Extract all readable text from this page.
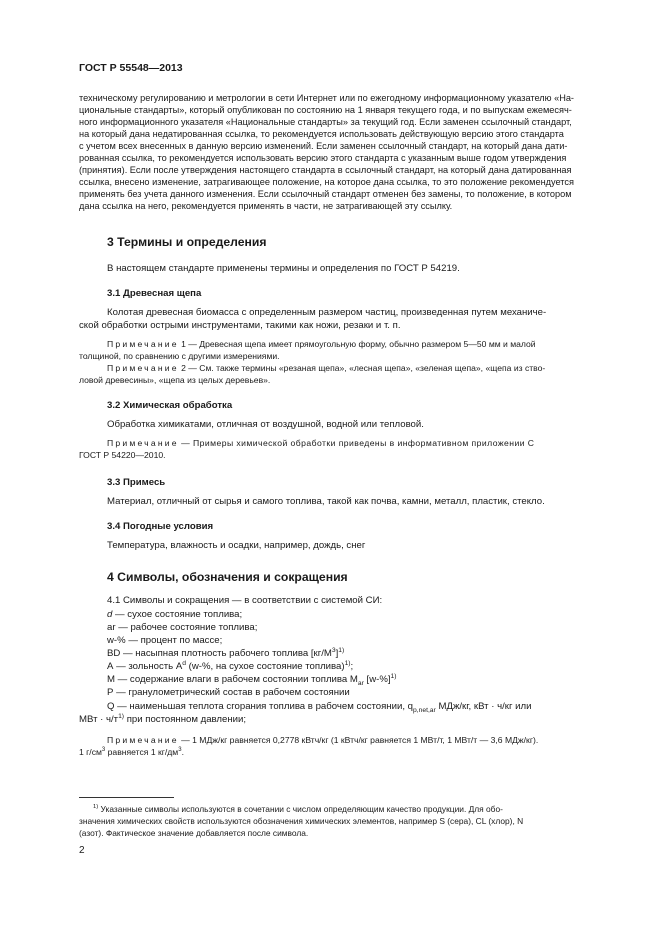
ГОСТ Р 55548—2013
техническому регулированию и метрологии в сети Интернет или по ежегодному информационному указателю «На-
циональные стандарты», который опубликован по состоянию на 1 января текущего года, и по выпускам ежемесяч-
ного информационного указателя «Национальные стандарты» за текущий год. Если заменен ссылочный стандарт,
на который дана недатированная ссылка, то рекомендуется использовать действующую версию этого стандарта
с учетом всех внесенных в данную версию изменений. Если заменен ссылочный стандарт, на который дана дати-
рованная ссылка, то рекомендуется использовать версию этого стандарта с указанным выше годом утверждения
(принятия). Если после утверждения настоящего стандарта в ссылочный стандарт, на который дана датированная
ссылка, внесено изменение, затрагивающее положение, на которое дана ссылка, то это положение рекомендуется
применять без учета данного изменения. Если ссылочный стандарт отменен без замены, то положение, в котором
дана ссылка на него, рекомендуется применять в части, не затрагивающей эту ссылку.
3 Термины и определения
В настоящем стандарте применены термины и определения по ГОСТ Р 54219.
3.1 Древесная щепа
Колотая древесная биомасса с определенным размером частиц, произведенная путем механиче-
ской обработки острыми инструментами, такими как ножи, резаки и т. п.
Примечание 1 — Древесная щепа имеет прямоугольную форму, обычно размером 5—50 мм и малой
толщиной, по сравнению с другими измерениями.
Примечание 2 — См. также термины «резаная щепа», «лесная щепа», «зеленая щепа», «щепа из ство-
ловой древесины», «щепа из целых деревьев».
3.2 Химическая обработка
Обработка химикатами, отличная от воздушной, водной или тепловой.
Примечание — Примеры химической обработки приведены в информативном приложении С
ГОСТ Р 54220—2010.
3.3 Примесь
Материал, отличный от сырья и самого топлива, такой как почва, камни, металл, пластик, стекло.
3.4 Погодные условия
Температура, влажность и осадки, например, дождь, снег
4 Символы, обозначения и сокращения
4.1 Символы и сокращения — в соответствии с системой СИ:
d — сухое состояние топлива;
ar — рабочее состояние топлива;
w-% — процент по массе;
BD — насыпная плотность рабочего топлива $[кг/М^3]^{1)}$
А — зольность $А^d$ (w-%, на сухое состояние топлива)$^{1)}$;
М — содержание влаги в рабочем состоянии топлива $М_{ar}$ $[w-\%]^{1)}$
Р — гранулометрический состав в рабочем состоянии
Q — наименьшая теплота сгорания топлива в рабочем состоянии, $q_{p,net,ar}$ МДж/кг, кВт · ч/кг или
МВт · $ч/т^{1)}$ при постоянном давлении;
Примечание — 1 МДж/кг равняется 0,2778 кВтч/кг (1 кВтч/кг равняется 1 МВт/т, 1 МВт/т — 3,6 МДж/кг).
1 $г/см^3$ равняется 1 $кг/дм^3$.
$^{1)}$ Указанные символы используются в сочетании с числом определяющим качество продукции. Для обо-
значения химических свойств используются обозначения химических элементов, например S (сера), CL (хлор), N
(азот). Фактическое значение добавляется после символа.
2
